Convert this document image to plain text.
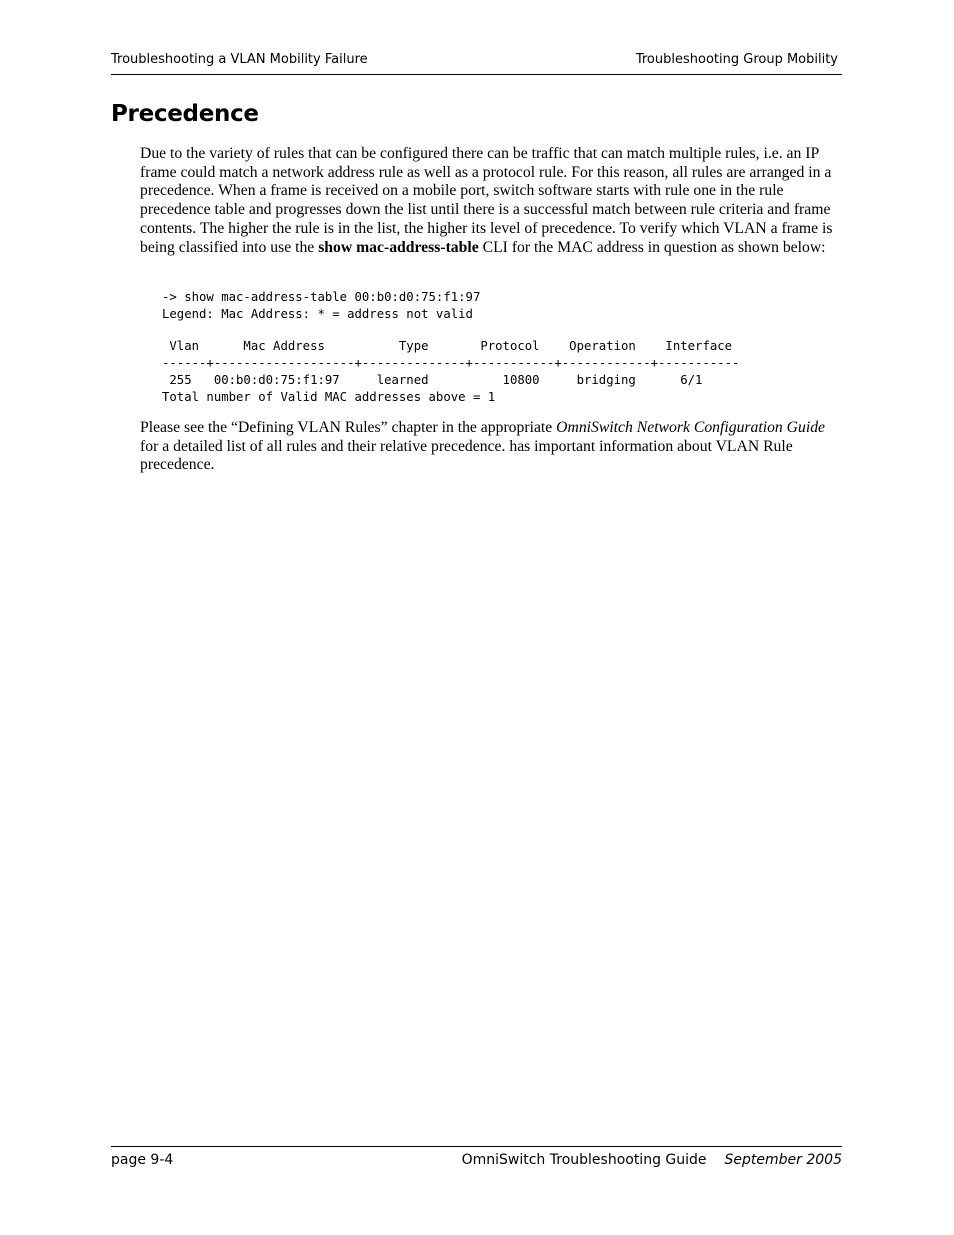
Troubleshooting a VLAN Mobility Failure	Troubleshooting Group Mobility
Precedence

Due to the variety of rules that can be configured there can be traffic that can match multiple rules, i.e. an IP frame could match a network address rule as well as a protocol rule. For this reason, all rules are arranged in a precedence. When a frame is received on a mobile port, switch software starts with rule one in the rule precedence table and progresses down the list until there is a successful match between rule criteria and frame contents. The higher the rule is in the list, the higher its level of precedence. To verify which VLAN a frame is being classified into use the show mac-address-table CLI for the MAC address in question as shown below:

-> show mac-address-table 00:b0:d0:75:f1:97
Legend: Mac Address: * = address not valid
Vlan      Mac Address          Type       Protocol    Operation    Interface
------+-------------------+--------------+-----------+------------+-----------
255   00:b0:d0:75:f1:97     learned          10800     bridging      6/1
Total number of Valid MAC addresses above = 1

Please see the “Defining VLAN Rules” chapter in the appropriate OmniSwitch Network Configuration Guide for a detailed list of all rules and their relative precedence. has important information about VLAN Rule precedence.

page 9-4	OmniSwitch Troubleshooting Guide September 2005
